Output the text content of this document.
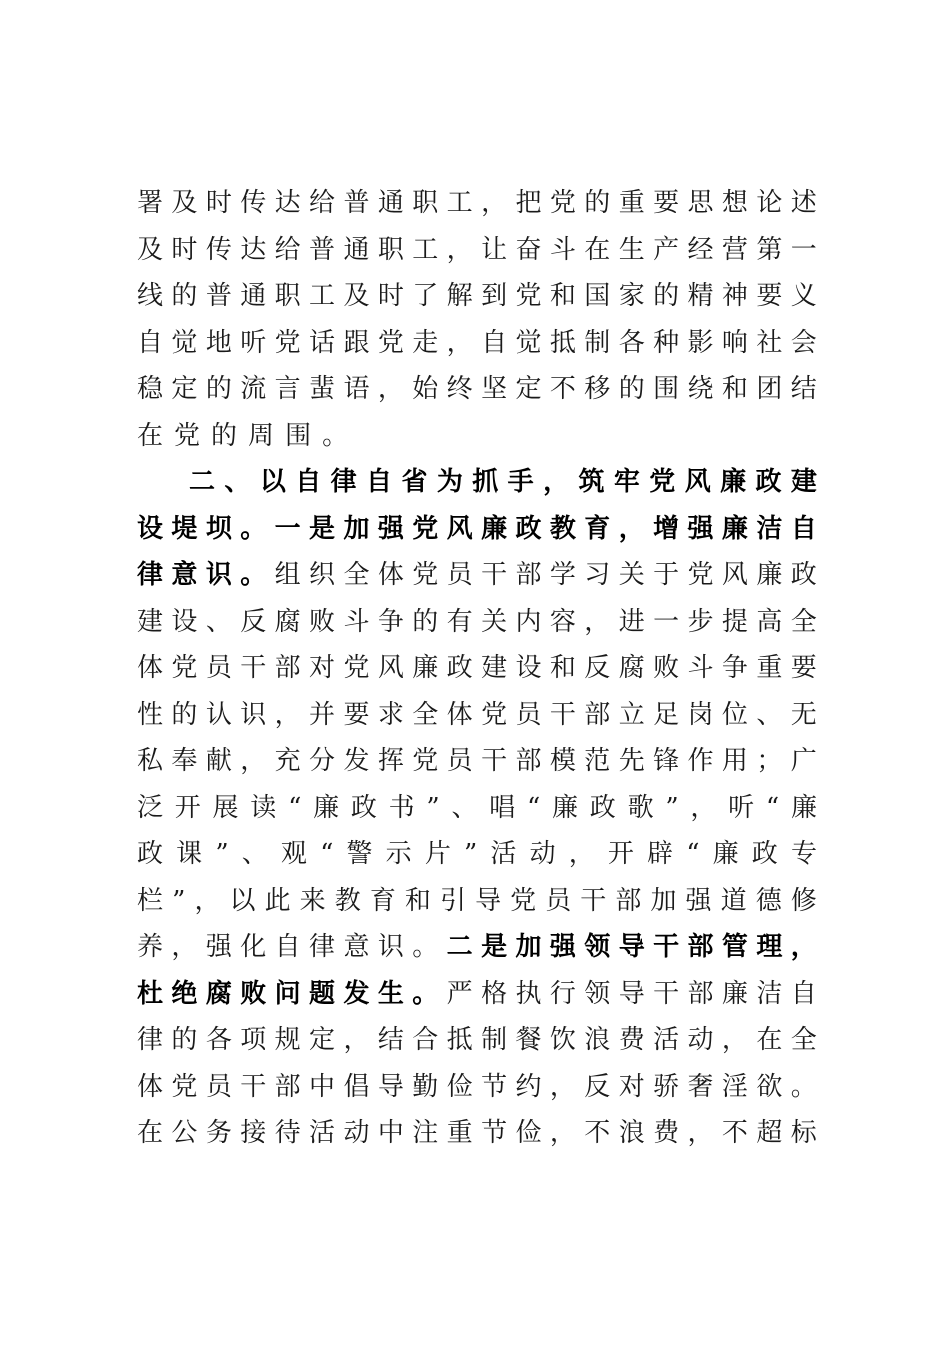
署 及 时 传 达 给 普 通 职 工 ， 把 党 的 重 要 思 想 论 述
及 时 传 达 给 普 通 职 工 ， 让 奋 斗 在 生 产 经 营 第 一
线 的 普 通 职 工 及 时 了 解 到 党 和 国 家 的 精 神 要 义
自 觉 地 听 党 话 跟 党 走 ， 自 觉 抵 制 各 种 影 响 社 会
稳 定 的 流 言 蜚 语 ， 始 终 坚 定 不 移 的 围 绕 和 团 结
在 党 的 周 围 。
二 、 以 自 律 自 省 为 抓 手 ， 筑 牢 党 风 廉 政 建
设 堤 坝 。 一 是 加 强 党 风 廉 政 教 育 ， 增 强 廉 洁 自
律 意 识 。 组 织 全 体 党 员 干 部 学 习 关 于 党 风 廉 政
建 设 、 反 腐 败 斗 争 的 有 关 内 容 ， 进 一 步 提 高 全
体 党 员 干 部 对 党 风 廉 政 建 设 和 反 腐 败 斗 争 重 要
性 的 认 识 ， 并 要 求 全 体 党 员 干 部 立 足 岗 位 、 无
私 奉 献 ， 充 分 发 挥 党 员 干 部 模 范 先 锋 作 用 ； 广
泛 开 展 读 “ 廉 政 书 ” 、 唱 “ 廉 政 歌 ” ， 听 “ 廉
政 课 ” 、 观 “ 警 示 片 ” 活 动 ， 开 辟 “ 廉 政 专
栏 ” ， 以 此 来 教 育 和 引 导 党 员 干 部 加 强 道 德 修
养 ， 强 化 自 律 意 识 。 二 是 加 强 领 导 干 部 管 理 ，
杜 绝 腐 败 问 题 发 生 。 严 格 执 行 领 导 干 部 廉 洁 自
律 的 各 项 规 定 ， 结 合 抵 制 餐 饮 浪 费 活 动 ， 在 全
体 党 员 干 部 中 倡 导 勤 俭 节 约 ， 反 对 骄 奢 淫 欲 。
在 公 务 接 待 活 动 中 注 重 节 俭 ， 不 浪 费 ， 不 超 标
